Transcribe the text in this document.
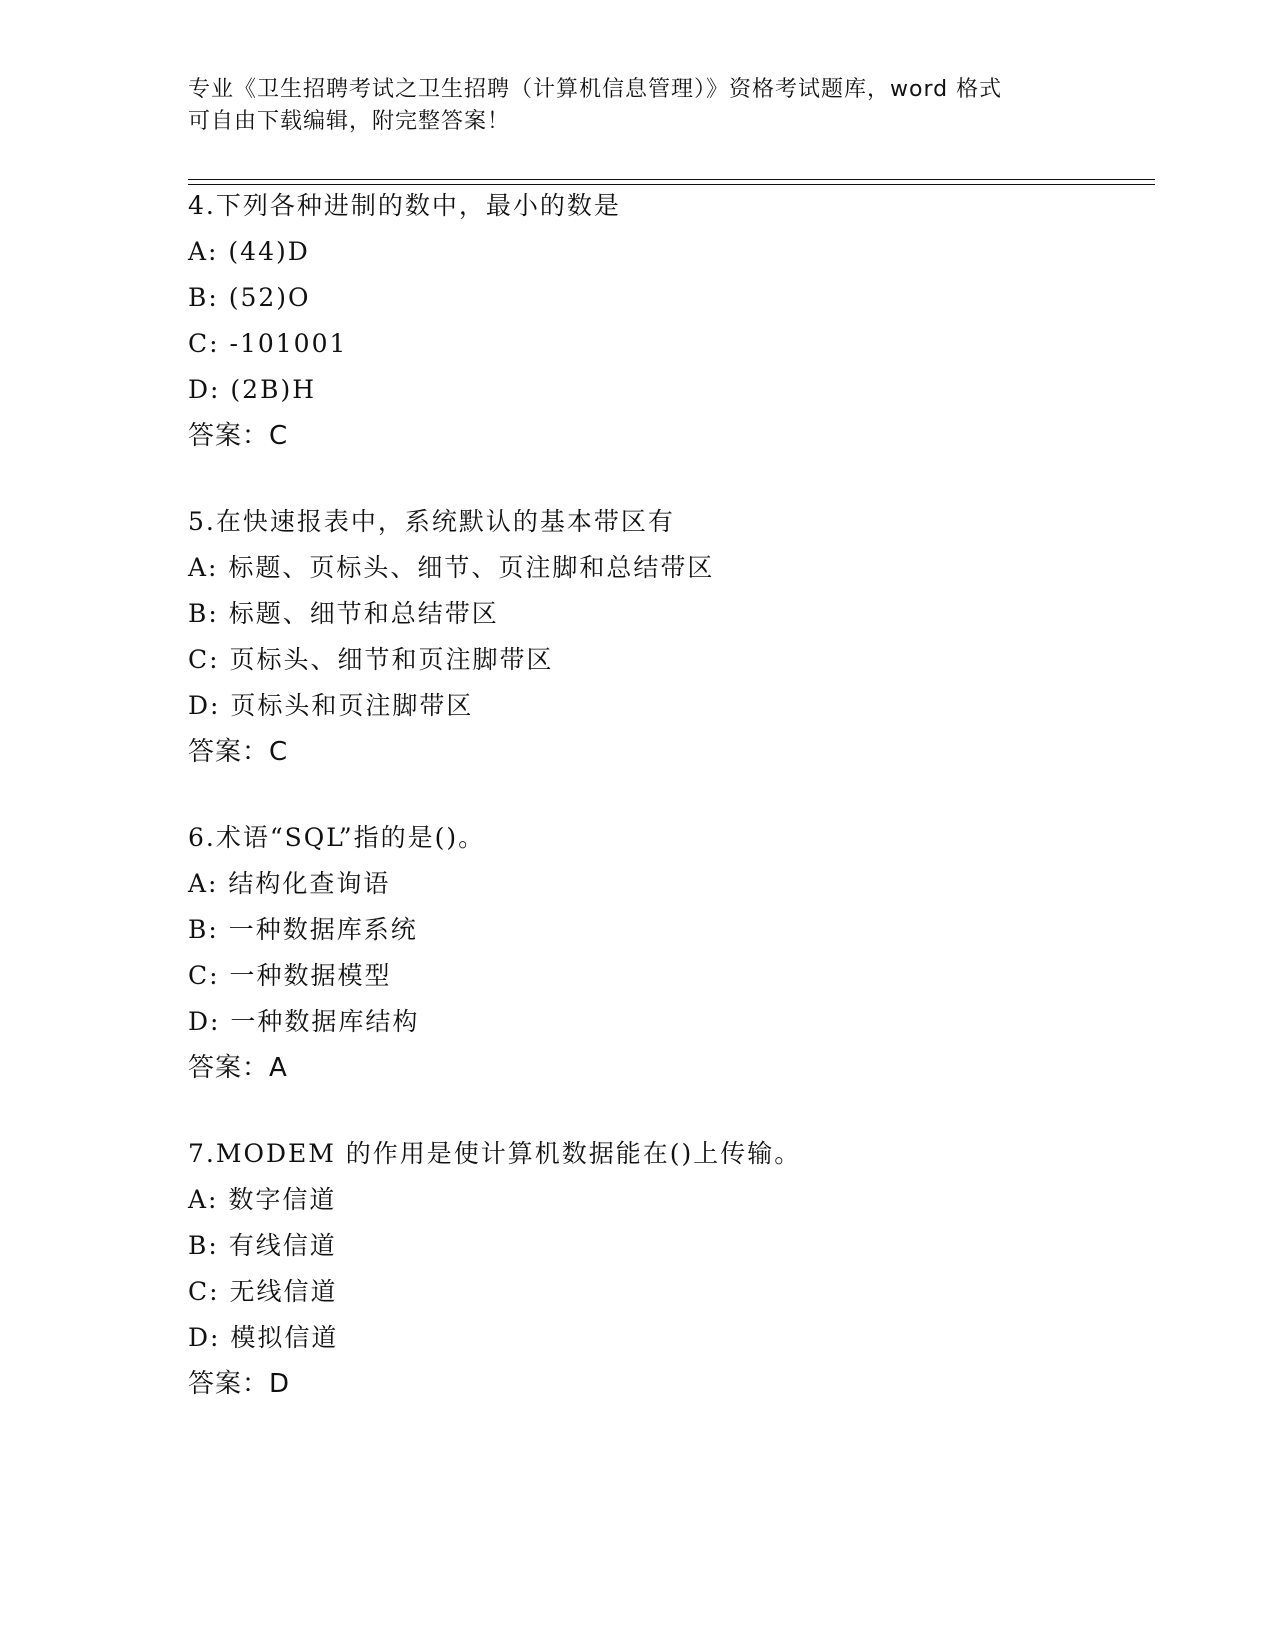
专业《卫生招聘考试之卫生招聘（计算机信息管理）》资格考试题库，word 格式
可自由下载编辑，附完整答案！
4.下列各种进制的数中，最小的数是
A: (44)D
B: (52)O
C: -101001
D: (2B)H
答案：C
5.在快速报表中，系统默认的基本带区有
A: 标题、页标头、细节、页注脚和总结带区
B: 标题、细节和总结带区
C: 页标头、细节和页注脚带区
D: 页标头和页注脚带区
答案：C
6.术语“SQL”指的是()。
A: 结构化查询语
B: 一种数据库系统
C: 一种数据模型
D: 一种数据库结构
答案：A
7.MODEM 的作用是使计算机数据能在()上传输。
A: 数字信道
B: 有线信道
C: 无线信道
D: 模拟信道
答案：D
